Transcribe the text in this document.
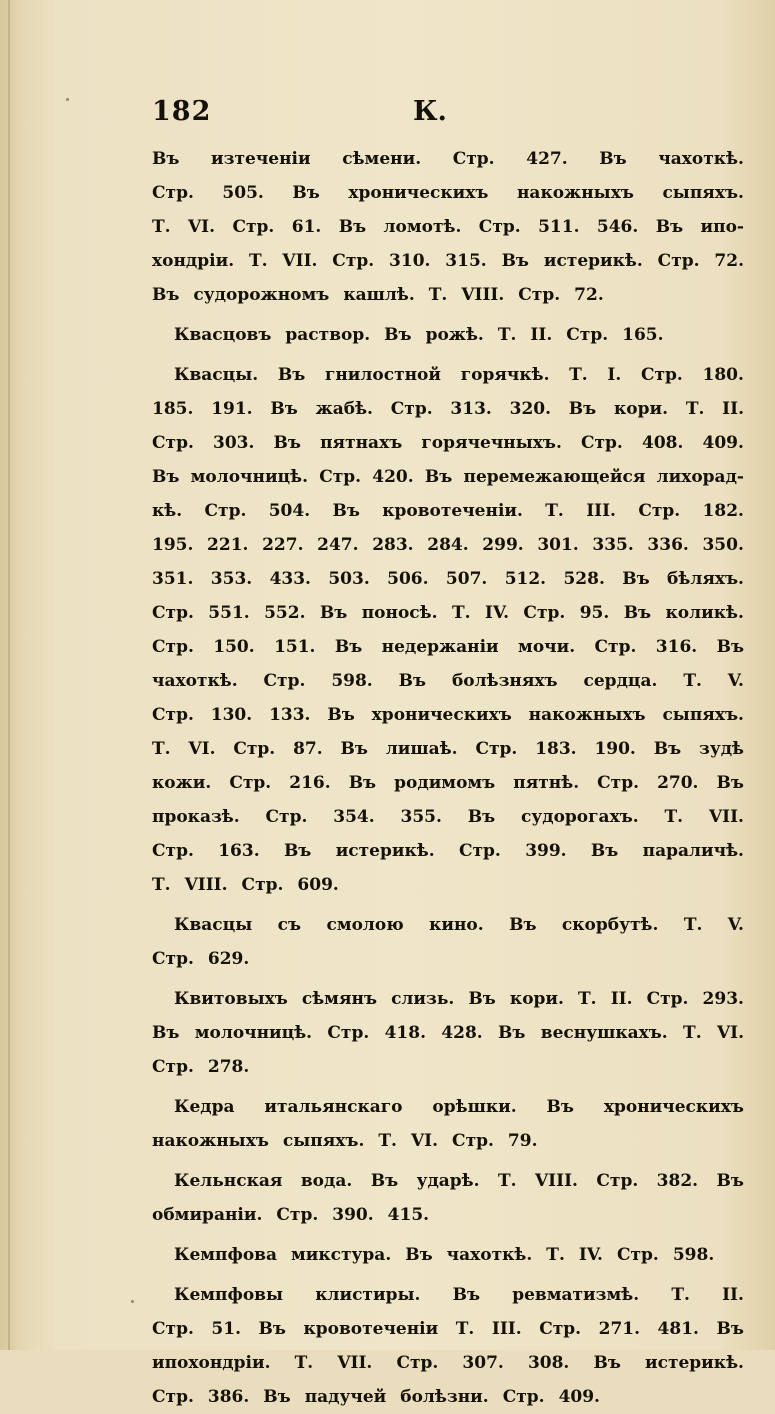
182	К.
Въ изтеченіи сѣмени. Стр. 427. Въ чахоткѣ.
Стр. 505. Въ хроническихъ накожныхъ сыпяхъ.
Т. VI. Стр. 61. Въ ломотѣ. Стр. 511. 546. Въ ипо-
хондріи. Т. VII. Стр. 310. 315. Въ истерикѣ. Стр. 72.
Въ судорожномъ кашлѣ. Т. VIII. Стр. 72.
Квасцовъ раствор. Въ рожѣ. Т. II. Стр. 165.
Квасцы. Въ гнилостной горячкѣ. Т. I. Стр. 180.
185. 191. Въ жабѣ. Стр. 313. 320. Въ кори. Т. II.
Стр. 303. Въ пятнахъ горячечныхъ. Стр. 408. 409.
Въ молочницѣ. Стр. 420. Въ перемежающейся лихорад-
кѣ. Стр. 504. Въ кровотеченіи. Т. III. Стр. 182.
195. 221. 227. 247. 283. 284. 299. 301. 335. 336. 350.
351. 353. 433. 503. 506. 507. 512. 528. Въ бѣляхъ.
Стр. 551. 552. Въ поносѣ. Т. IV. Стр. 95. Въ коликѣ.
Стр. 150. 151. Въ недержаніи мочи. Стр. 316. Въ
чахоткѣ. Стр. 598. Въ болѣзняхъ сердца. Т. V.
Стр. 130. 133. Въ хроническихъ накожныхъ сыпяхъ.
Т. VI. Стр. 87. Въ лишаѣ. Стр. 183. 190. Въ зудѣ
кожи. Стр. 216. Въ родимомъ пятнѣ. Стр. 270. Въ
проказѣ. Стр. 354. 355. Въ судорогахъ. Т. VII.
Стр. 163. Въ истерикѣ. Стр. 399. Въ параличѣ.
Т. VIII. Стр. 609.
Квасцы съ смолою кино. Въ скорбутѣ. Т. V.
Стр. 629.
Квитовыхъ сѣмянъ слизь. Въ кори. Т. II. Стр. 293.
Въ молочницѣ. Стр. 418. 428. Въ веснушкахъ. Т. VI.
Стр. 278.
Кедра итальянскаго орѣшки. Въ хроническихъ
накожныхъ сыпяхъ. Т. VI. Стр. 79.
Кельнская вода. Въ ударѣ. Т. VIII. Стр. 382. Въ
обмираніи. Стр. 390. 415.
Кемпфова микстура. Въ чахоткѣ. Т. IV. Стр. 598.
Кемпфовы клистиры. Въ ревматизмѣ. Т. II.
Стр. 51. Въ кровотеченіи Т. III. Стр. 271. 481. Въ
ипохондріи. Т. VII. Стр. 307. 308. Въ истерикѣ.
Стр. 386. Въ падучей болѣзни. Стр. 409.
